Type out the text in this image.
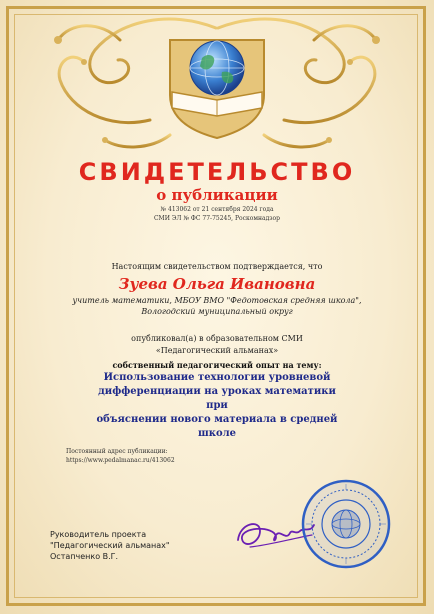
СВИДЕТЕЛЬСТВО
о публикации
№ 413062 от 21 сентября 2024 года
СМИ ЭЛ № ФС 77-75245, Роскомнадзор
Настоящим свидетельством подтверждается, что
Зуева Ольга Ивановна
учитель математики, МБОУ ВМО "Федотовская средняя школа",
Вологодский муниципальный округ
опубликовал(а) в образовательном СМИ
«Педагогический альманах»
собственный педагогический опыт на тему:
Использование технологии уровневой
дифференциации на уроках математики при
объяснении нового материала в средней школе
Постоянный адрес публикации:
https://www.pedalmanac.ru/413062
Руководитель проекта
"Педагогический альманах"
Остапченко В.Г.
